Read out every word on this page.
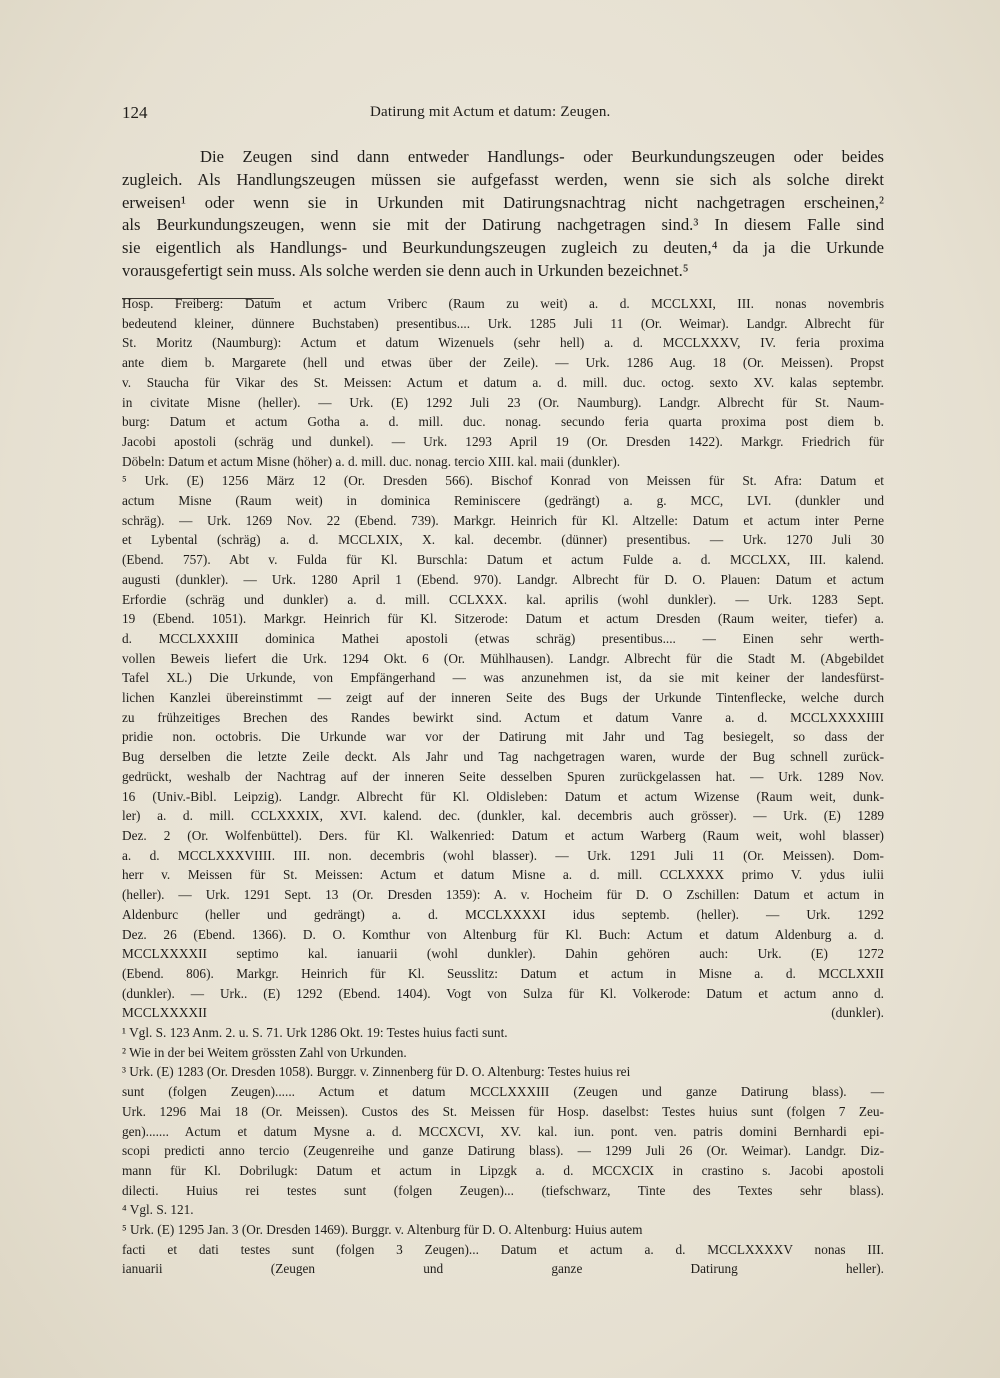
124	Datirung mit Actum et datum: Zeugen.
Die Zeugen sind dann entweder Handlungs- oder Beurkundungszeugen oder beides
zugleich. Als Handlungszeugen müssen sie aufgefasst werden, wenn sie sich als solche direkt
erweisen¹ oder wenn sie in Urkunden mit Datirungsnachtrag nicht nachgetragen erscheinen,²
als Beurkundungszeugen, wenn sie mit der Datirung nachgetragen sind.³ In diesem Falle sind
sie eigentlich als Handlungs- und Beurkundungszeugen zugleich zu deuten,⁴ da ja die Urkunde
vorausgefertigt sein muss. Als solche werden sie denn auch in Urkunden bezeichnet.⁵
Hosp. Freiberg: Datum et actum Vriberc (Raum zu weit) a. d. MCCLXXI, III. nonas novembris
bedeutend kleiner, dünnere Buchstaben) presentibus.... Urk. 1285 Juli 11 (Or. Weimar). Landgr. Albrecht für
St. Moritz (Naumburg): Actum et datum Wizenuels (sehr hell) a. d. MCCLXXXV, IV. feria proxima
ante diem b. Margarete (hell und etwas über der Zeile). — Urk. 1286 Aug. 18 (Or. Meissen). Propst
v. Staucha für Vikar des St. Meissen: Actum et datum a. d. mill. duc. octog. sexto XV. kalas septembr.
in civitate Misne (heller). — Urk. (E) 1292 Juli 23 (Or. Naumburg). Landgr. Albrecht für St. Naum-
burg: Datum et actum Gotha a. d. mill. duc. nonag. secundo feria quarta proxima post diem b.
Jacobi apostoli (schräg und dunkel). — Urk. 1293 April 19 (Or. Dresden 1422). Markgr. Friedrich für
Döbeln: Datum et actum Misne (höher) a. d. mill. duc. nonag. tercio XIII. kal. maii (dunkler).
⁵ Urk. (E) 1256 März 12 (Or. Dresden 566). Bischof Konrad von Meissen für St. Afra: Datum et
actum Misne (Raum weit) in dominica Reminiscere (gedrängt) a. g. MCC, LVI. (dunkler und
schräg). — Urk. 1269 Nov. 22 (Ebend. 739). Markgr. Heinrich für Kl. Altzelle: Datum et actum inter Perne
et Lybental (schräg) a. d. MCCLXIX, X. kal. decembr. (dünner) presentibus. — Urk. 1270 Juli 30
(Ebend. 757). Abt v. Fulda für Kl. Burschla: Datum et actum Fulde a. d. MCCLXX, III. kalend.
augusti (dunkler). — Urk. 1280 April 1 (Ebend. 970). Landgr. Albrecht für D. O. Plauen: Datum et actum
Erfordie (schräg und dunkler) a. d. mill. CCLXXX. kal. aprilis (wohl dunkler). — Urk. 1283 Sept.
19 (Ebend. 1051). Markgr. Heinrich für Kl. Sitzerode: Datum et actum Dresden (Raum weiter, tiefer) a.
d. MCCLXXXIII dominica Mathei apostoli (etwas schräg) presentibus.... — Einen sehr werth-
vollen Beweis liefert die Urk. 1294 Okt. 6 (Or. Mühlhausen). Landgr. Albrecht für die Stadt M. (Abgebildet
Tafel XL.) Die Urkunde, von Empfängerhand — was anzunehmen ist, da sie mit keiner der landesfürst-
lichen Kanzlei übereinstimmt — zeigt auf der inneren Seite des Bugs der Urkunde Tintenflecke, welche durch
zu frühzeitiges Brechen des Randes bewirkt sind. Actum et datum Vanre a. d. MCCLXXXXIIII
pridie non. octobris. Die Urkunde war vor der Datirung mit Jahr und Tag besiegelt, so dass der
Bug derselben die letzte Zeile deckt. Als Jahr und Tag nachgetragen waren, wurde der Bug schnell zurück-
gedrückt, weshalb der Nachtrag auf der inneren Seite desselben Spuren zurückgelassen hat. — Urk. 1289 Nov.
16 (Univ.-Bibl. Leipzig). Landgr. Albrecht für Kl. Oldisleben: Datum et actum Wizense (Raum weit, dunk-
ler) a. d. mill. CCLXXXIX, XVI. kalend. dec. (dunkler, kal. decembris auch grösser). — Urk. (E) 1289
Dez. 2 (Or. Wolfenbüttel). Ders. für Kl. Walkenried: Datum et actum Warberg (Raum weit, wohl blasser)
a. d. MCCLXXXVIIII. III. non. decembris (wohl blasser). — Urk. 1291 Juli 11 (Or. Meissen). Dom-
herr v. Meissen für St. Meissen: Actum et datum Misne a. d. mill. CCLXXXX primo V. ydus iulii
(heller). — Urk. 1291 Sept. 13 (Or. Dresden 1359): A. v. Hocheim für D. O Zschillen: Datum et actum in
Aldenburc (heller und gedrängt) a. d. MCCLXXXXI idus septemb. (heller). — Urk. 1292
Dez. 26 (Ebend. 1366). D. O. Komthur von Altenburg für Kl. Buch: Actum et datum Aldenburg a. d.
MCCLXXXXII septimo kal. ianuarii (wohl dunkler). Dahin gehören auch: Urk. (E) 1272
(Ebend. 806). Markgr. Heinrich für Kl. Seusslitz: Datum et actum in Misne a. d. MCCLXXII
(dunkler). — Urk.. (E) 1292 (Ebend. 1404). Vogt von Sulza für Kl. Volkerode: Datum et actum anno d.
MCCLXXXXII (dunkler).
¹ Vgl. S. 123 Anm. 2. u. S. 71. Urk 1286 Okt. 19: Testes huius facti sunt.
² Wie in der bei Weitem grössten Zahl von Urkunden.
³ Urk. (E) 1283 (Or. Dresden 1058). Burggr. v. Zinnenberg für D. O. Altenburg: Testes huius rei
sunt (folgen Zeugen)...... Actum et datum MCCLXXXIII (Zeugen und ganze Datirung blass). —
Urk. 1296 Mai 18 (Or. Meissen). Custos des St. Meissen für Hosp. daselbst: Testes huius sunt (folgen 7 Zeu-
gen)....... Actum et datum Mysne a. d. MCCXCVI, XV. kal. iun. pont. ven. patris domini Bernhardi epi-
scopi predicti anno tercio (Zeugenreihe und ganze Datirung blass). — 1299 Juli 26 (Or. Weimar). Landgr. Diz-
mann für Kl. Dobrilugk: Datum et actum in Lipzgk a. d. MCCXCIX in crastino s. Jacobi apostoli
dilecti. Huius rei testes sunt (folgen Zeugen)... (tiefschwarz, Tinte des Textes sehr blass).
⁴ Vgl. S. 121.
⁵ Urk. (E) 1295 Jan. 3 (Or. Dresden 1469). Burggr. v. Altenburg für D. O. Altenburg: Huius autem
facti et dati testes sunt (folgen 3 Zeugen)... Datum et actum a. d. MCCLXXXXV nonas III.
ianuarii (Zeugen und ganze Datirung heller).
